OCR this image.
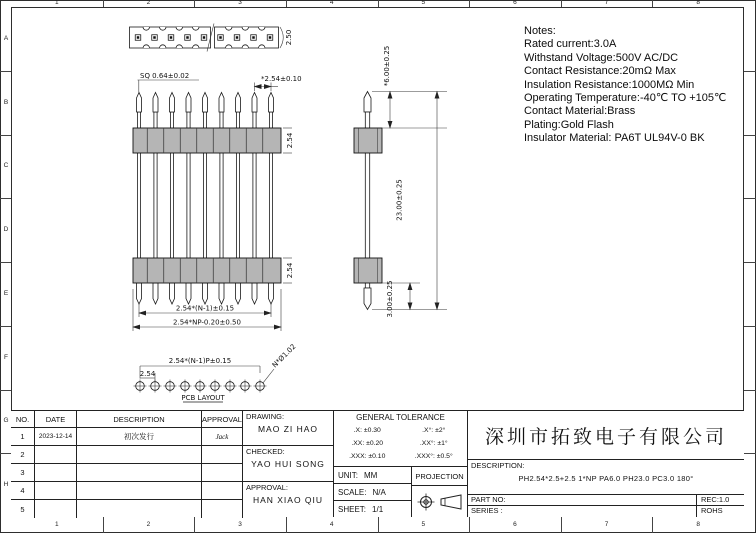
1
1
2
2
3
3
4
4
5
5
6
6
7
7
8
8
A
B
C
D
E
F
G
H
2.50
2.54
2.54
SQ 0.64±0.02	*2.54±0.10
2.54*(N-1)±0.15
2.54*NP-0.20±0.50
*6.00±0.25
23.00±0.25
3.00±0.25
2.54*(N-1)P±0.15
2.54
N*Ø1.02
PCB LAYOUT
Notes:
Rated current:3.0A
Withstand Voltage:500V AC/DC
Contact Resistance:20mΩ Max
Insulation Resistance:1000MΩ Min
Operating Temperature:-40℃ TO +105℃
Contact Material:Brass
Plating:Gold Flash
Insulator Material: PA6T UL94V-0 BK
NO.	DATE	DESCRIPTION	APPROVAL
1	2023-12-14	初次发行	Jack
2
3
4
5
DRAWING:
MAO ZI HAO
CHECKED:
YAO HUI SONG
APPROVAL:
HAN XIAO QIU
GENERAL TOLERANCE
.X: ±0.30	.X°: ±2°
.XX: ±0.20	.XX°: ±1°
.XXX: ±0.10	.XXX°: ±0.5°
UNIT: MM
SCALE: N/A
SHEET: 1/1
PROJECTION
深圳市拓致电子有限公司
DESCRIPTION:
PH2.54*2.5+2.5 1*NP PA6.0 PH23.0 PC3.0 180°
PART NO:	REC:1.0
SERIES :	ROHS
